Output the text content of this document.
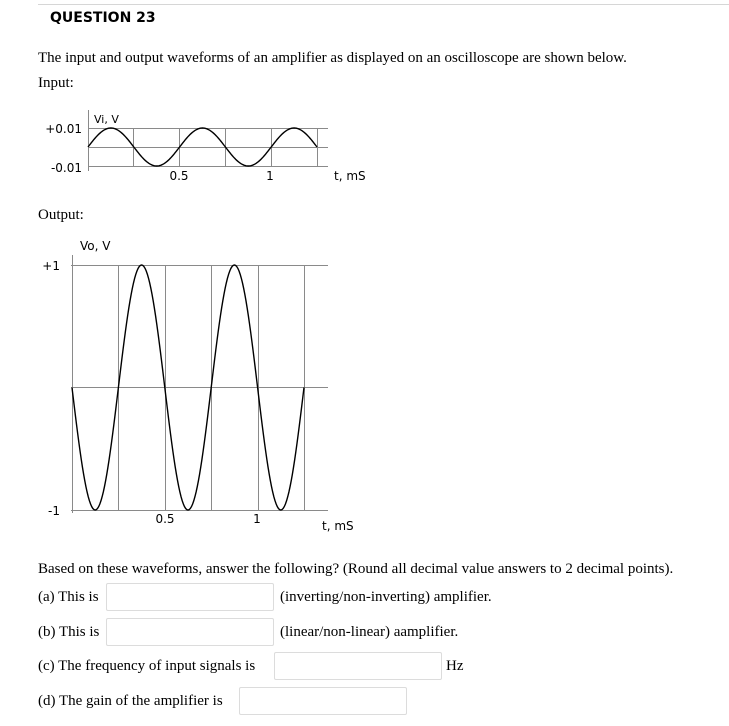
QUESTION 23
The input and output waveforms of an amplifier as displayed on an oscilloscope are shown below.
Input:
Vi, V
+0.01
-0.01
0.5	1	t, mS
Output:
Vo, V
+1
-1
0.5	1	t, mS
Based on these waveforms, answer the following? (Round all decimal value answers to 2 decimal points).
(a) This is	(inverting/non-inverting) amplifier.
(b) This is	(linear/non-linear) aamplifier.
(c) The frequency of input signals is	Hz
(d) The gain of the amplifier is
